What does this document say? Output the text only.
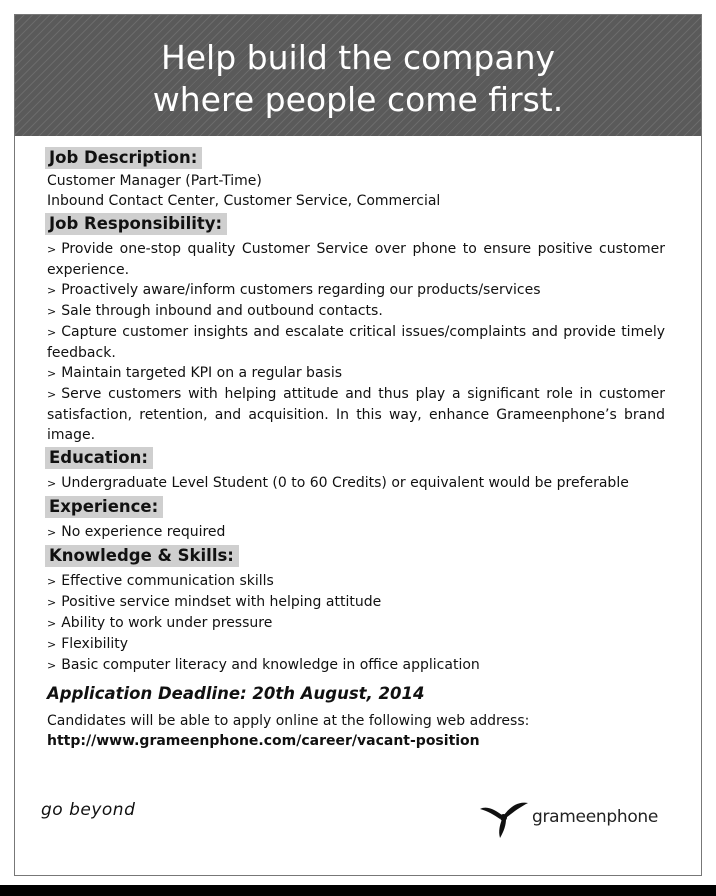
Help build the company
where people come first.
Job Description:
Customer Manager (Part-Time)
Inbound Contact Center, Customer Service, Commercial
Job Responsibility:
> Provide one-stop quality Customer Service over phone to ensure positive customer experience.
> Proactively aware/inform customers regarding our products/services
> Sale through inbound and outbound contacts.
> Capture customer insights and escalate critical issues/complaints and provide timely feedback.
> Maintain targeted KPI on a regular basis
> Serve customers with helping attitude and thus play a significant role in customer satisfaction, retention, and acquisition. In this way, enhance Grameenphone’s brand image.
Education:
> Undergraduate Level Student (0 to 60 Credits) or equivalent would be preferable
Experience:
> No experience required
Knowledge & Skills:
> Effective communication skills
> Positive service mindset with helping attitude
> Ability to work under pressure
> Flexibility
> Basic computer literacy and knowledge in office application
Application Deadline: 20th August, 2014
Candidates will be able to apply online at the following web address:
http://www.grameenphone.com/career/vacant-position
go beyond	grameenphone
